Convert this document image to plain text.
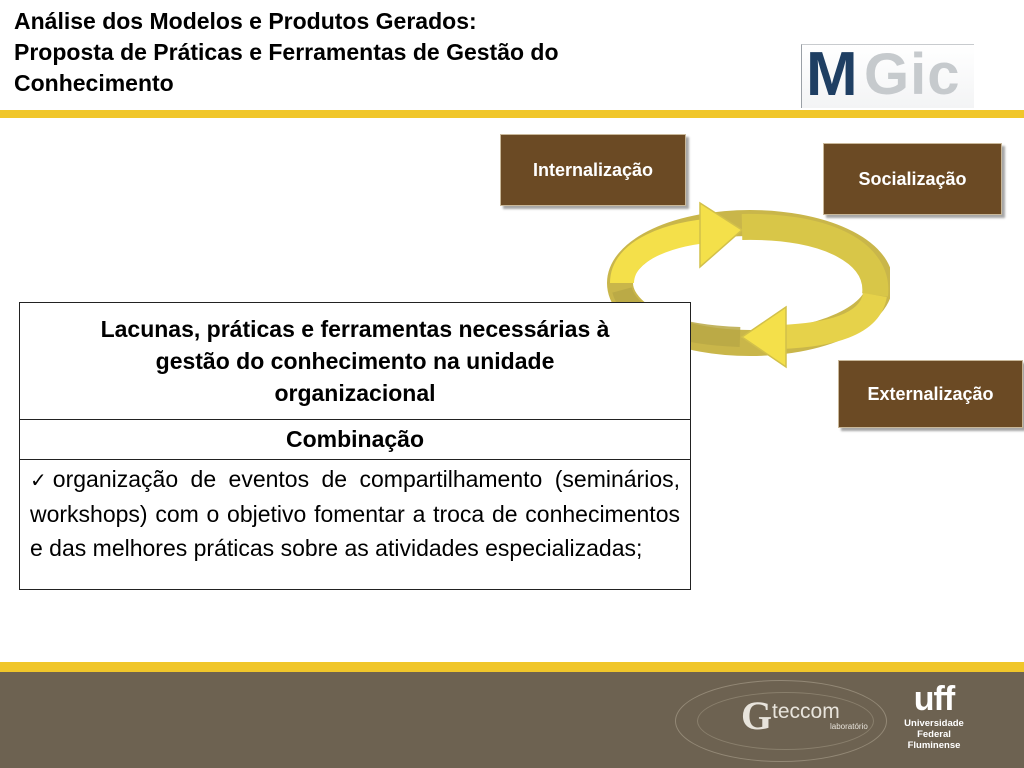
Análise dos Modelos e Produtos Gerados:
Proposta de Práticas e Ferramentas de Gestão do
Conhecimento	M Gic
Internalização	Socialização
Externalização
Lacunas, práticas e ferramentas necessárias à
gestão do conhecimento na unidade
organizacional
Combinação
✓organização de eventos de compartilhamento (seminários, workshops) com o objetivo fomentar a troca de conhecimentos e das melhores práticas sobre as atividades especializadas;
G teccom
laboratório
uff
Universidade
Federal
Fluminense
